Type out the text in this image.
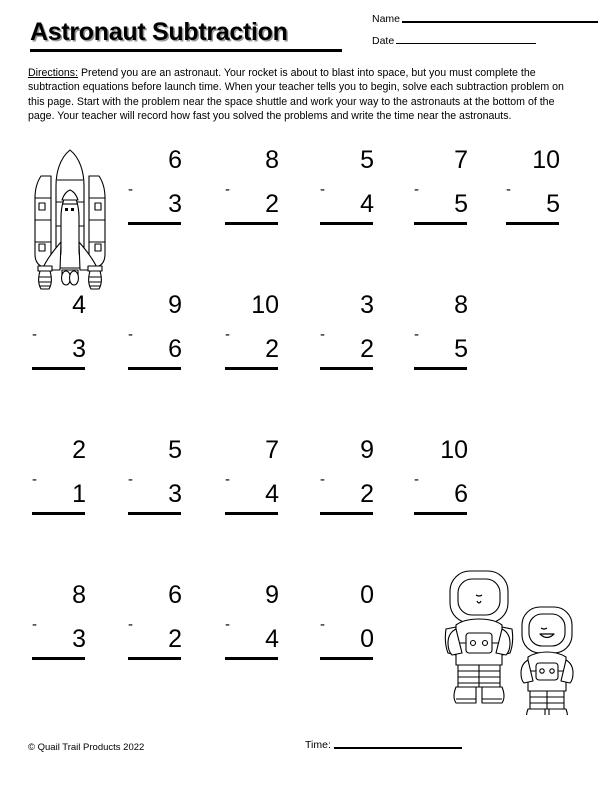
Astronaut Subtraction	Name
Date
Directions: Pretend you are an astronaut. Your rocket is about to blast into space, but you must complete the subtraction equations before launch time. When your teacher tells you to begin, solve each subtraction problem on this page. Start with the problem near the space shuttle and work your way to the astronauts at the bottom of the page. Your teacher will record how fast you solved the problems and write the time near the astronauts.
6
-
3
8
-
2
5
-
4
7
-
5
10
-
5
4
-
3
9
-
6
10
-
2
3
-
2
8
-
5
2
-
1
5
-
3
7
-
4
9
-
2
10
-
6
8
-
3
6
-
2
9
-
4
0
-
0
© Quail Trail Products 2022	Time:
